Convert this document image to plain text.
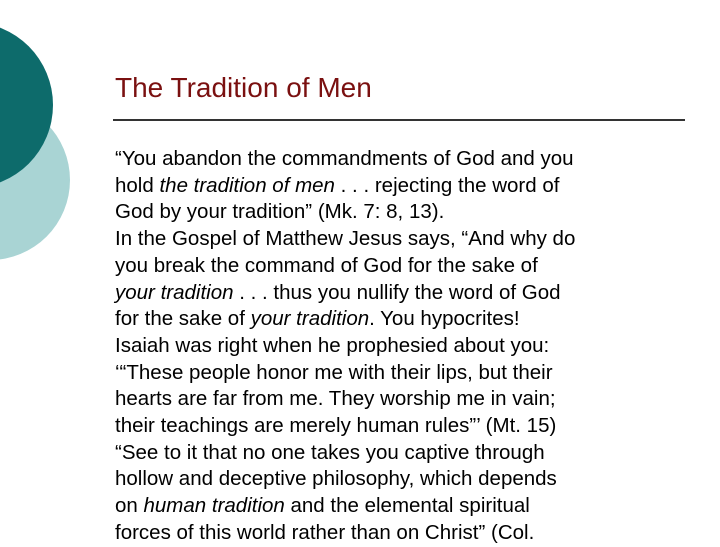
The Tradition of Men

“You abandon the commandments of God and you
hold the tradition of men . . . rejecting the word of
God by your tradition” (Mk. 7: 8, 13).

In the Gospel of Matthew Jesus says, “And why do
you break the command of God for the sake of
your tradition . . . thus you nullify the word of God
for the sake of your tradition. You hypocrites!
Isaiah was right when he prophesied about you:
‘“These people honor me with their lips, but their
hearts are far from me. They worship me in vain;
their teachings are merely human rules”’ (Mt. 15)

“See to it that no one takes you captive through
hollow and deceptive philosophy, which depends
on human tradition and the elemental spiritual
forces of this world rather than on Christ” (Col.
